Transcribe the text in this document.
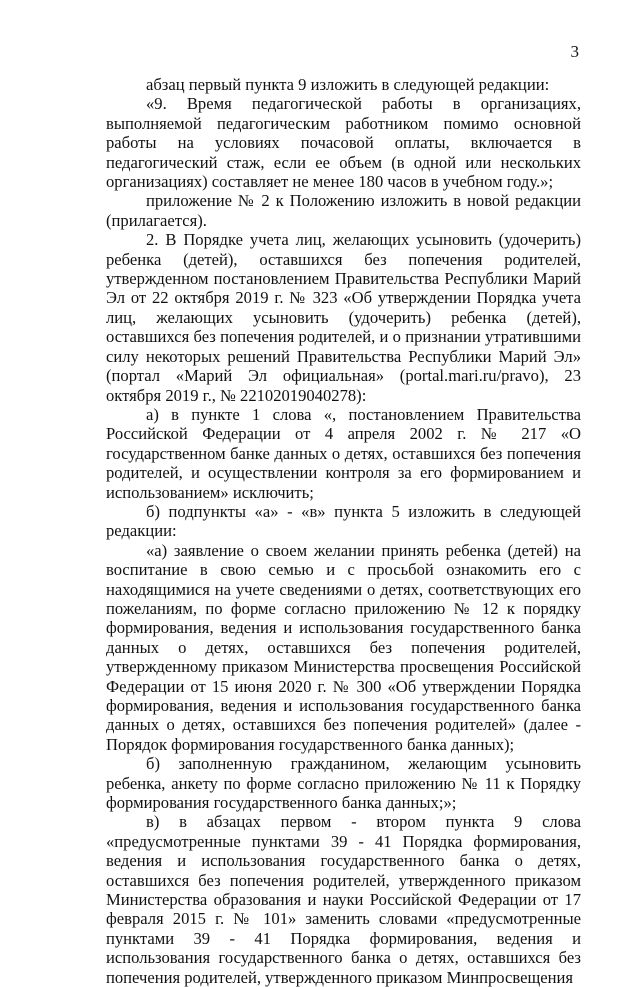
3

абзац первый пункта 9 изложить в следующей редакции:

«9. Время педагогической работы в организациях, выполняемой педагогическим работником помимо основной работы на условиях почасовой оплаты, включается в педагогический стаж, если ее объем (в одной или нескольких организациях) составляет не менее 180 часов в учебном году.»;

приложение № 2 к Положению изложить в новой редакции (прилагается).

2. В Порядке учета лиц, желающих усыновить (удочерить) ребенка (детей), оставшихся без попечения родителей, утвержденном постановлением Правительства Республики Марий Эл от 22 октября 2019 г. № 323 «Об утверждении Порядка учета лиц, желающих усыновить (удочерить) ребенка (детей), оставшихся без попечения родителей, и о признании утратившими силу некоторых решений Правительства Республики Марий Эл» (портал «Марий Эл официальная» (portal.mari.ru/pravo), 23 октября 2019 г., № 22102019040278):

а) в пункте 1 слова «, постановлением Правительства Российской Федерации от 4 апреля 2002 г. № 217 «О государственном банке данных о детях, оставшихся без попечения родителей, и осуществлении контроля за его формированием и использованием» исключить;

б) подпункты «а» - «в» пункта 5 изложить в следующей редакции:

«а) заявление о своем желании принять ребенка (детей) на воспитание в свою семью и с просьбой ознакомить его с находящимися на учете сведениями о детях, соответствующих его пожеланиям, по форме согласно приложению № 12 к порядку формирования, ведения и использования государственного банка данных о детях, оставшихся без попечения родителей, утвержденному приказом Министерства просвещения Российской Федерации от 15 июня 2020 г. № 300 «Об утверждении Порядка формирования, ведения и использования государственного банка данных о детях, оставшихся без попечения родителей» (далее - Порядок формирования государственного банка данных);

б) заполненную гражданином, желающим усыновить ребенка, анкету по форме согласно приложению № 11 к Порядку формирования государственного банка данных;»;

в) в абзацах первом - втором пункта 9 слова «предусмотренные пунктами 39 - 41 Порядка формирования, ведения и использования государственного банка о детях, оставшихся без попечения родителей, утвержденного приказом Министерства образования и науки Российской Федерации от 17 февраля 2015 г. № 101» заменить словами «предусмотренные пунктами 39 - 41 Порядка формирования, ведения и использования государственного банка о детях, оставшихся без попечения родителей, утвержденного приказом Минпросвещения
